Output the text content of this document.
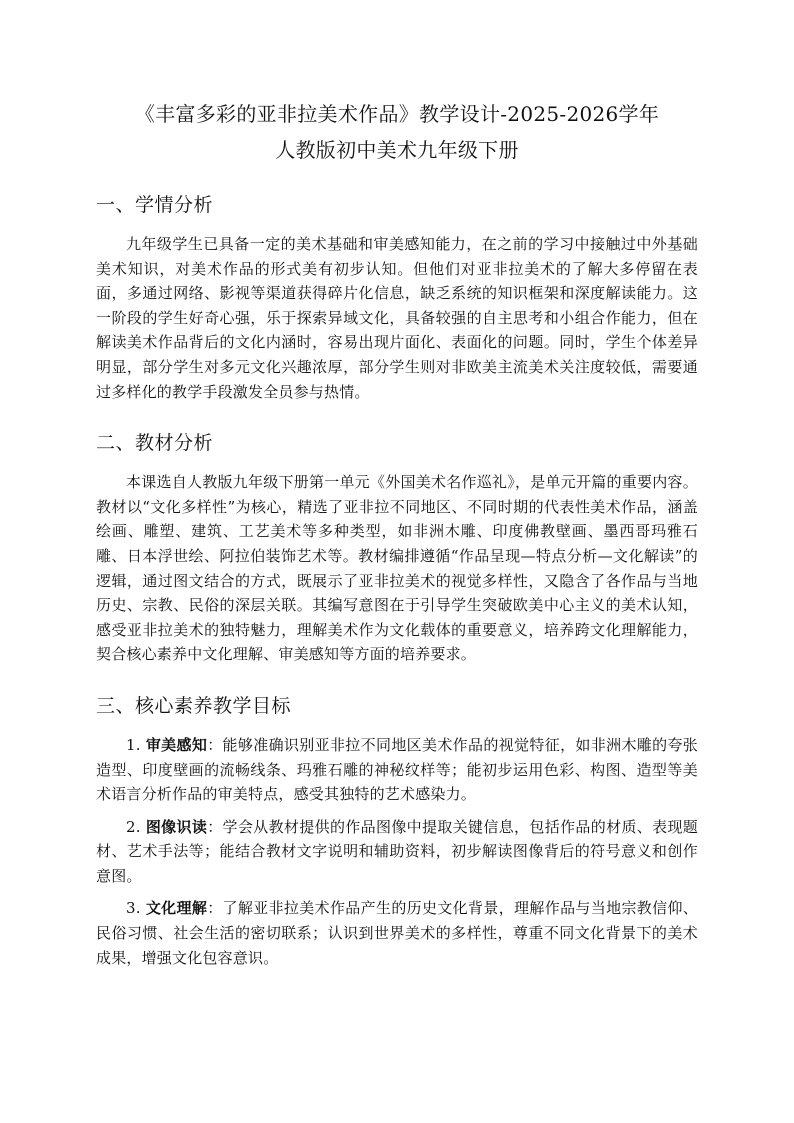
《丰富多彩的亚非拉美术作品》教学设计-2025-2026学年
人教版初中美术九年级下册
一、学情分析

九年级学生已具备一定的美术基础和审美感知能力，在之前的学习中接触过中外基础美术知识，对美术作品的形式美有初步认知。但他们对亚非拉美术的了解大多停留在表面，多通过网络、影视等渠道获得碎片化信息，缺乏系统的知识框架和深度解读能力。这一阶段的学生好奇心强，乐于探索异域文化，具备较强的自主思考和小组合作能力，但在解读美术作品背后的文化内涵时，容易出现片面化、表面化的问题。同时，学生个体差异明显，部分学生对多元文化兴趣浓厚，部分学生则对非欧美主流美术关注度较低，需要通过多样化的教学手段激发全员参与热情。

二、教材分析

本课选自人教版九年级下册第一单元《外国美术名作巡礼》，是单元开篇的重要内容。教材以“文化多样性”为核心，精选了亚非拉不同地区、不同时期的代表性美术作品，涵盖绘画、雕塑、建筑、工艺美术等多种类型，如非洲木雕、印度佛教壁画、墨西哥玛雅石雕、日本浮世绘、阿拉伯装饰艺术等。教材编排遵循“作品呈现—特点分析—文化解读”的逻辑，通过图文结合的方式，既展示了亚非拉美术的视觉多样性，又隐含了各作品与当地历史、宗教、民俗的深层关联。其编写意图在于引导学生突破欧美中心主义的美术认知，感受亚非拉美术的独特魅力，理解美术作为文化载体的重要意义，培养跨文化理解能力，契合核心素养中文化理解、审美感知等方面的培养要求。

三、核心素养教学目标

1. 审美感知：能够准确识别亚非拉不同地区美术作品的视觉特征，如非洲木雕的夸张造型、印度壁画的流畅线条、玛雅石雕的神秘纹样等；能初步运用色彩、构图、造型等美术语言分析作品的审美特点，感受其独特的艺术感染力。

2. 图像识读：学会从教材提供的作品图像中提取关键信息，包括作品的材质、表现题材、艺术手法等；能结合教材文字说明和辅助资料，初步解读图像背后的符号意义和创作意图。

3. 文化理解：了解亚非拉美术作品产生的历史文化背景，理解作品与当地宗教信仰、民俗习惯、社会生活的密切联系；认识到世界美术的多样性，尊重不同文化背景下的美术成果，增强文化包容意识。
